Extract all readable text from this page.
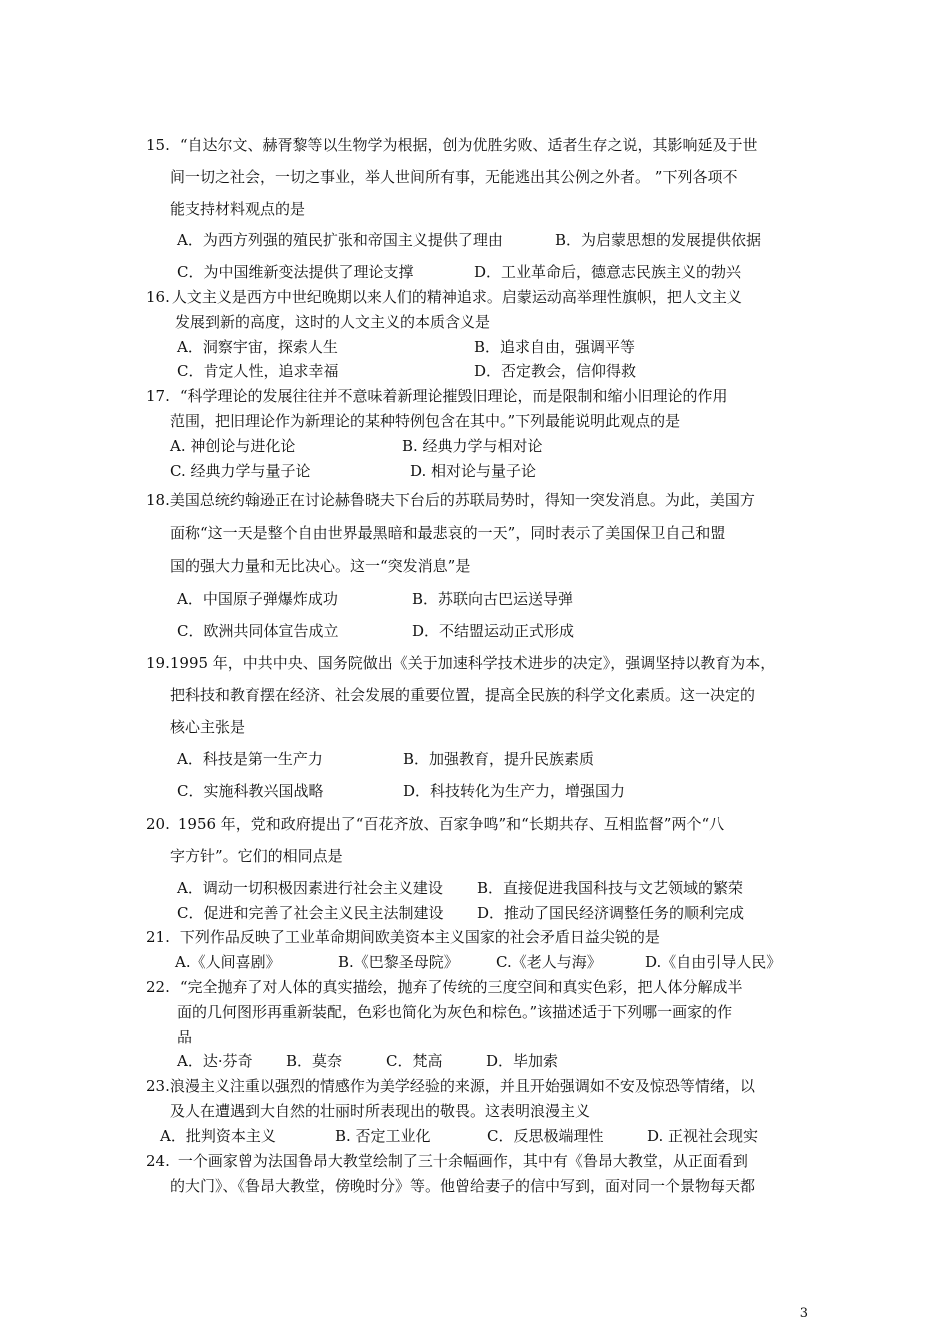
15. “自达尔文、赫胥黎等以生物学为根据，创为优胜劣败、适者生存之说，其影响延及于世
间一切之社会，一切之事业，举人世间所有事，无能逃出其公例之外者。 ”下列各项不
能支持材料观点的是
A．为西方列强的殖民扩张和帝国主义提供了理由	B．为启蒙思想的发展提供依据
C．为中国维新变法提供了理论支撑	D．工业革命后，德意志民族主义的勃兴
16. 人文主义是西方中世纪晚期以来人们的精神追求。启蒙运动高举理性旗帜，把人文主义
发展到新的高度，这时的人文主义的本质含义是
A．洞察宇宙，探索人生	B．追求自由，强调平等
C．肯定人性，追求幸福	D．否定教会，信仰得救
17. “科学理论的发展往往并不意味着新理论摧毁旧理论，而是限制和缩小旧理论的作用
范围，把旧理论作为新理论的某种特例包含在其中。”下列最能说明此观点的是
A. 神创论与进化论	B. 经典力学与相对论
C. 经典力学与量子论	D. 相对论与量子论
18.美国总统约翰逊正在讨论赫鲁晓夫下台后的苏联局势时，得知一突发消息。为此，美国方
面称“这一天是整个自由世界最黑暗和最悲哀的一天”，同时表示了美国保卫自己和盟
国的强大力量和无比决心。这一“突发消息”是
A．中国原子弹爆炸成功	B．苏联向古巴运送导弹
C．欧洲共同体宣告成立	D．不结盟运动正式形成
19.1995 年，中共中央、国务院做出《关于加速科学技术进步的决定》，强调坚持以教育为本，
把科技和教育摆在经济、社会发展的重要位置，提高全民族的科学文化素质。这一决定的
核心主张是
A．科技是第一生产力	B．加强教育，提升民族素质
C．实施科教兴国战略	D．科技转化为生产力，增强国力
20. 1956 年，党和政府提出了“百花齐放、百家争鸣”和“长期共存、互相监督”两个“八
字方针”。它们的相同点是
A．调动一切积极因素进行社会主义建设 B．直接促进我国科技与文艺领域的繁荣
C．促进和完善了社会主义民主法制建设 D．推动了国民经济调整任务的顺利完成
21. 下列作品反映了工业革命期间欧美资本主义国家的社会矛盾日益尖锐的是
A.《人间喜剧》	B.《巴黎圣母院》 C.《老人与海》	D.《自由引导人民》
22. “完全抛弃了对人体的真实描绘，抛弃了传统的三度空间和真实色彩，把人体分解成半
面的几何图形再重新装配，色彩也简化为灰色和棕色。”该描述适于下列哪一画家的作
品
A．达·芬奇 B．莫奈	C．梵高	D．毕加索
23.浪漫主义注重以强烈的情感作为美学经验的来源，并且开始强调如不安及惊恐等情绪，以
及人在遭遇到大自然的壮丽时所表现出的敬畏。这表明浪漫主义
A．批判资本主义	B. 否定工业化	C．反思极端理性	D. 正视社会现实
24. 一个画家曾为法国鲁昂大教堂绘制了三十余幅画作，其中有《鲁昂大教堂，从正面看到
的大门》、《鲁昂大教堂，傍晚时分》等。他曾给妻子的信中写到，面对同一个景物每天都
3
